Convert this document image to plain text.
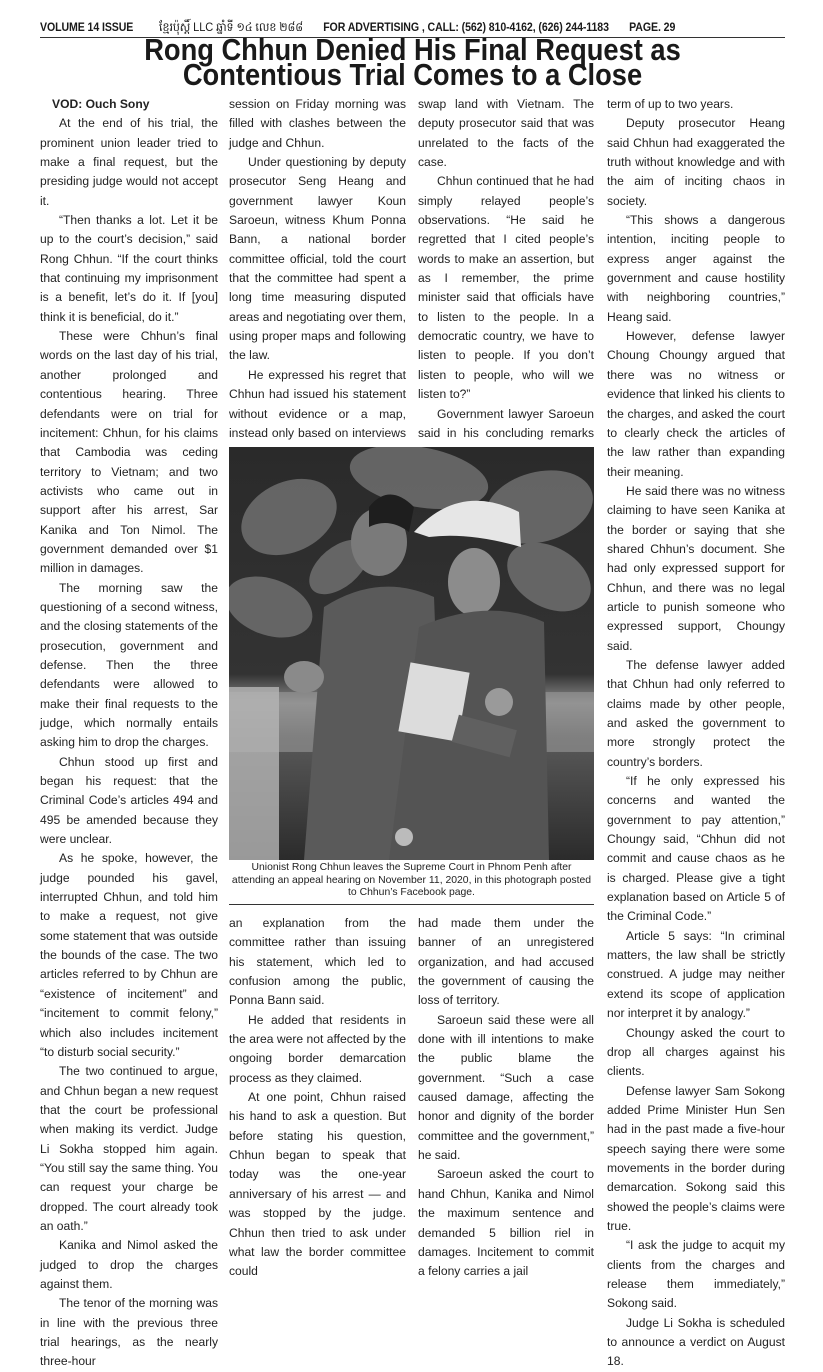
VOLUME 14 ISSUE ខ្មែរប៉ុស្តិ៍ LLC ឆ្នាំទី ១៤ លេខ ២៨៨ FOR ADVERTISING , CALL: (562) 810-4162, (626) 244-1183 PAGE. 29
Rong Chhun Denied His Final Request as
Contentious Trial Comes to a Close

VOD: Ouch Sony

At the end of his trial, the prominent union leader tried to make a final request, but the presiding judge would not accept it.

“Then thanks a lot. Let it be up to the court’s decision,” said Rong Chhun. “If the court thinks that continuing my imprisonment is a benefit, let’s do it. If [you] think it is beneficial, do it.”

These were Chhun’s final words on the last day of his trial, another prolonged and contentious hearing. Three defendants were on trial for incitement: Chhun, for his claims that Cambodia was ceding territory to Vietnam; and two activists who came out in support after his arrest, Sar Kanika and Ton Nimol. The government demanded over $1 million in damages.

The morning saw the questioning of a second witness, and the closing statements of the prosecution, government and defense. Then the three defendants were allowed to make their final requests to the judge, which normally entails asking him to drop the charges.

Chhun stood up first and began his request: that the Criminal Code’s articles 494 and 495 be amended because they were unclear.

As he spoke, however, the judge pounded his gavel, interrupted Chhun, and told him to make a request, not give some statement that was outside the bounds of the case. The two articles referred to by Chhun are “existence of incitement” and “incitement to commit felony,” which also includes incitement “to disturb social security.”

The two continued to argue, and Chhun began a new request that the court be professional when making its verdict. Judge Li Sokha stopped him again. “You still say the same thing. You can request your charge be dropped. The court already took an oath.”

Kanika and Nimol asked the judged to drop the charges against them.

The tenor of the morning was in line with the previous three trial hearings, as the nearly three-hour

session on Friday morning was filled with clashes between the judge and Chhun.

Under questioning by deputy prosecutor Seng Heang and government lawyer Koun Saroeun, witness Khum Ponna Bann, a national border committee official, told the court that the committee had spent a long time measuring disputed areas and negotiating over them, using proper maps and following the law.

He expressed his regret that Chhun had issued his statement without evidence or a map, instead only based on interviews

swap land with Vietnam. The deputy prosecutor said that was unrelated to the facts of the case.

Chhun continued that he had simply relayed people’s observations. “He said he regretted that I cited people’s words to make an assertion, but as I remember, the prime minister said that officials have to listen to the people. In a democratic country, we have to listen to people. If you don’t listen to people, who will we listen to?”

Government lawyer Saroeun said in his concluding remarks

term of up to two years.

Deputy prosecutor Heang said Chhun had exaggerated the truth without knowledge and with the aim of inciting chaos in society.

“This shows a dangerous intention, inciting people to express anger against the government and cause hostility with neighboring countries,” Heang said.

However, defense lawyer Choung Choungy argued that there was no witness or evidence that linked his clients to the charges, and asked the court to clearly check the articles of the law rather than expanding their meaning.

He said there was no witness claiming to have seen Kanika at the border or saying that she shared Chhun’s document. She had only expressed support for Chhun, and there was no legal article to punish someone who expressed support, Choungy said.

The defense lawyer added that Chhun had only referred to claims made by other people, and asked the government to more strongly protect the country’s borders.

“If he only expressed his concerns and wanted the government to pay attention,” Choungy said, “Chhun did not commit and cause chaos as he is charged. Please give a tight explanation based on Article 5 of the Criminal Code.”

Article 5 says: “In criminal matters, the law shall be strictly construed. A judge may neither extend its scope of application nor interpret it by analogy.”

Choungy asked the court to drop all charges against his clients.

Defense lawyer Sam Sokong added Prime Minister Hun Sen had in the past made a five-hour speech saying there were some movements in the border during demarcation. Sokong said this showed the people’s claims were true.

“I ask the judge to acquit my clients from the charges and release them immediately,” Sokong said.

Judge Li Sokha is scheduled to announce a verdict on August 18.

Unionist Rong Chhun leaves the Supreme Court in Phnom Penh after attending an appeal hearing on November 11, 2020, in this photograph posted to Chhun’s Facebook page.

an explanation from the committee rather than issuing his statement, which led to confusion among the public, Ponna Bann said.

He added that residents in the area were not affected by the ongoing border demarcation process as they claimed.

At one point, Chhun raised his hand to ask a question. But before stating his question, Chhun began to speak that today was the one-year anniversary of his arrest — and was stopped by the judge. Chhun then tried to ask under what law the border committee could

had made them under the banner of an unregistered organization, and had accused the government of causing the loss of territory.

Saroeun said these were all done with ill intentions to make the public blame the government. “Such a case caused damage, affecting the honor and dignity of the border committee and the government,” he said.

Saroeun asked the court to hand Chhun, Kanika and Nimol the maximum sentence and demanded 5 billion riel in damages. Incitement to commit a felony carries a jail
